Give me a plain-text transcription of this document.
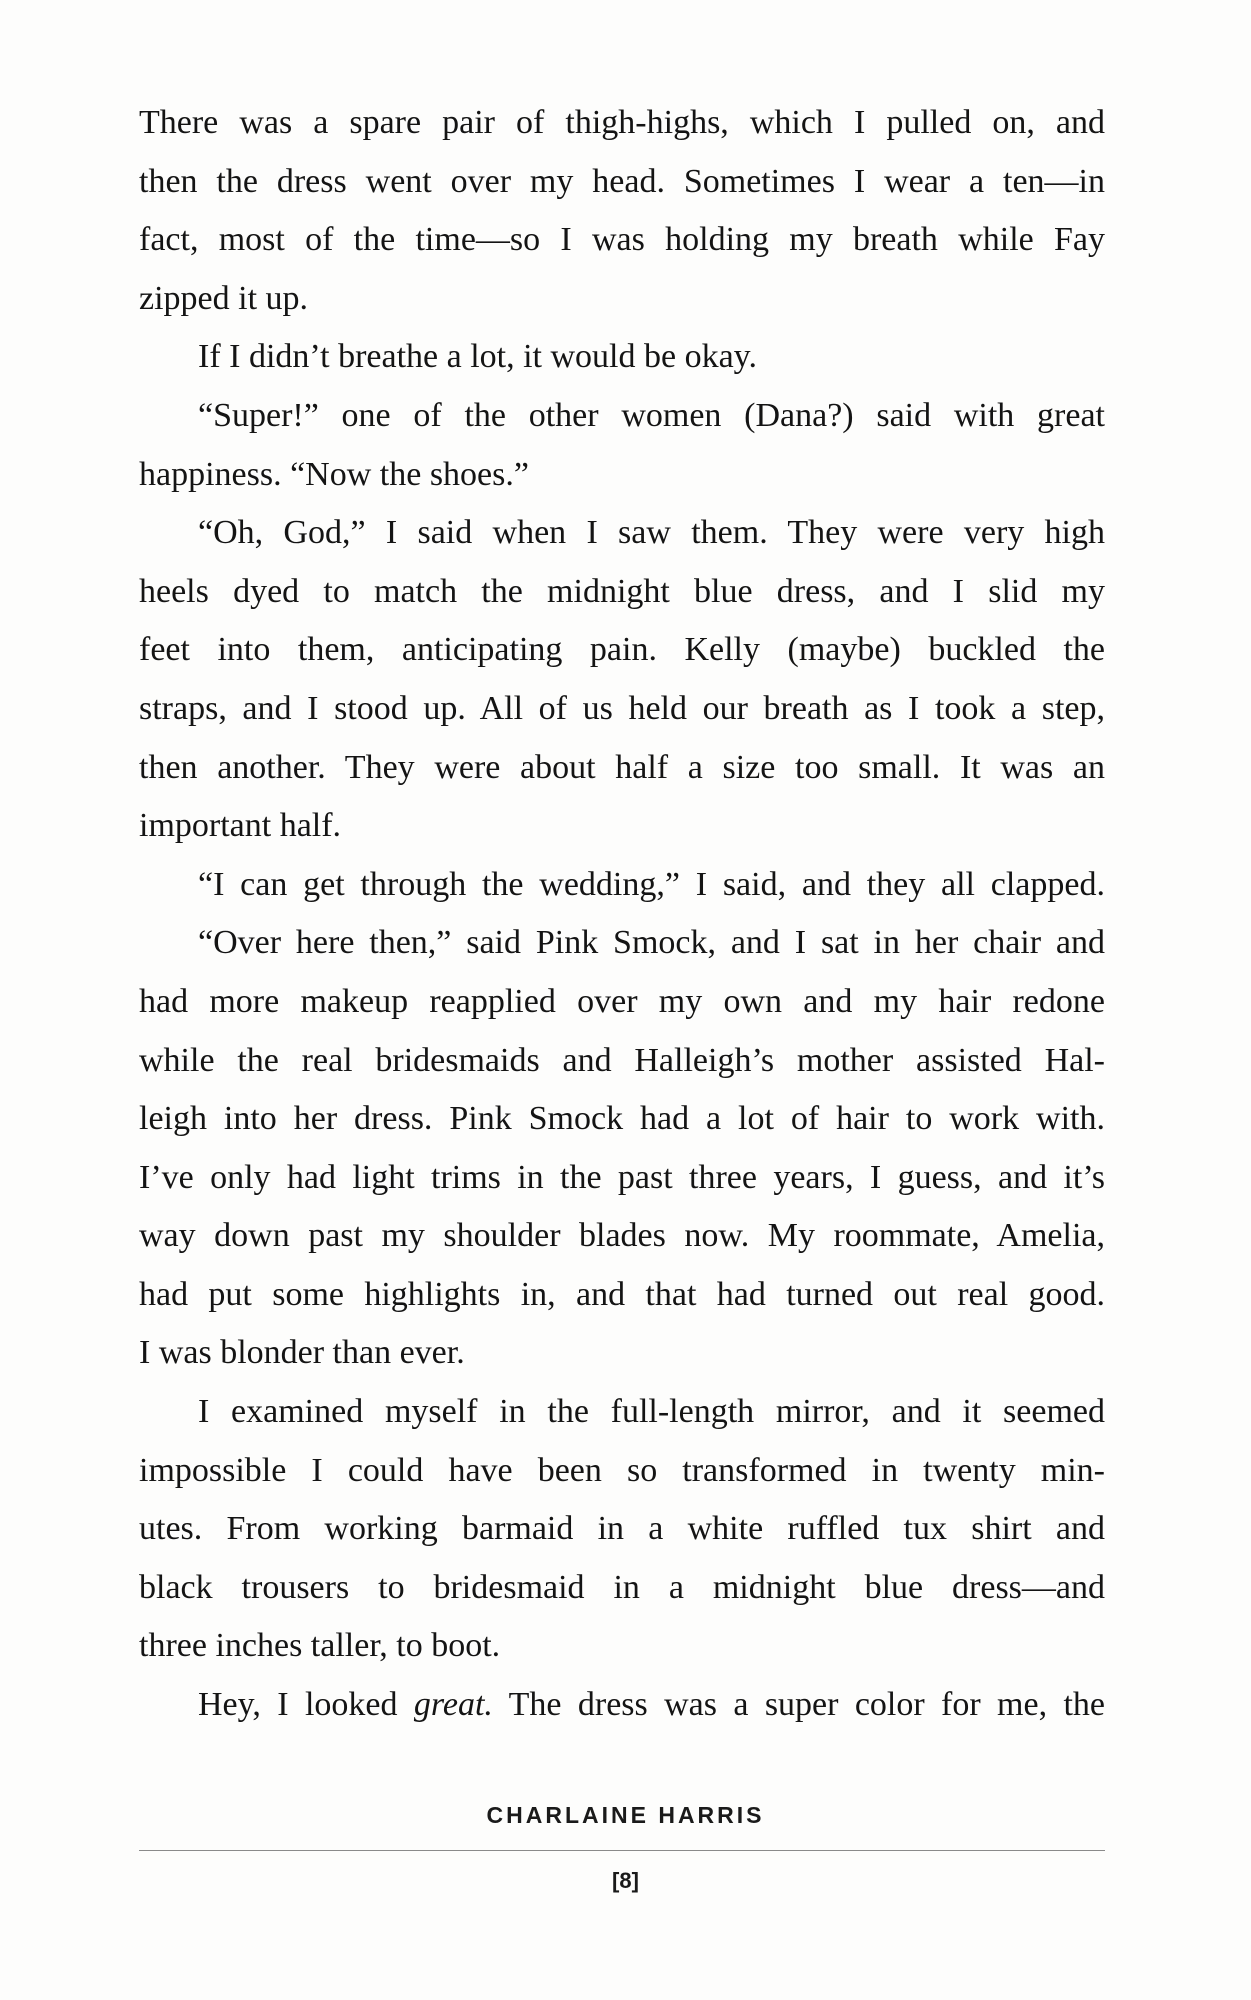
There was a spare pair of thigh-highs, which I pulled on, and
then the dress went over my head. Sometimes I wear a ten—in
fact, most of the time—so I was holding my breath while Fay
zipped it up.
If I didn’t breathe a lot, it would be okay.
“Super!” one of the other women (Dana?) said with great
happiness. “Now the shoes.”
“Oh, God,” I said when I saw them. They were very high
heels dyed to match the midnight blue dress, and I slid my
feet into them, anticipating pain. Kelly (maybe) buckled the
straps, and I stood up. All of us held our breath as I took a step,
then another. They were about half a size too small. It was an
important half.
“I can get through the wedding,” I said, and they all clapped.
“Over here then,” said Pink Smock, and I sat in her chair and
had more makeup reapplied over my own and my hair redone
while the real bridesmaids and Halleigh’s mother assisted Hal-
leigh into her dress. Pink Smock had a lot of hair to work with.
I’ve only had light trims in the past three years, I guess, and it’s
way down past my shoulder blades now. My roommate, Amelia,
had put some highlights in, and that had turned out real good.
I was blonder than ever.
I examined myself in the full-length mirror, and it seemed
impossible I could have been so transformed in twenty min-
utes. From working barmaid in a white ruffled tux shirt and
black trousers to bridesmaid in a midnight blue dress—and
three inches taller, to boot.
Hey, I looked great. The dress was a super color for me, the
CHARLAINE HARRIS
[8]
